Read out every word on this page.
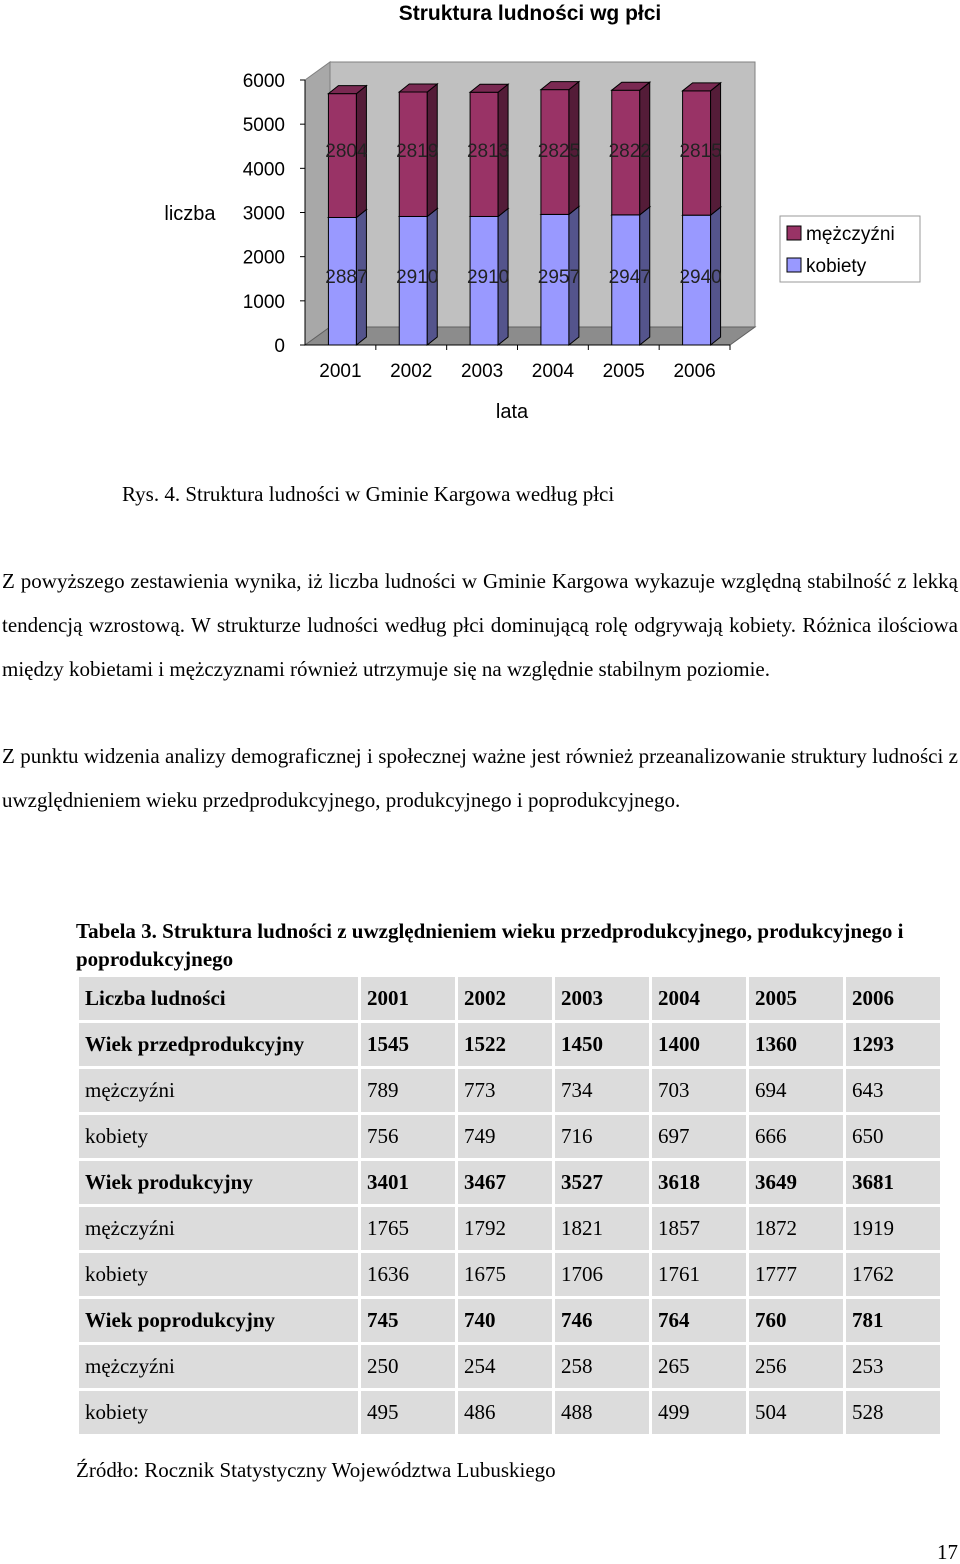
Struktura ludności wg płci
0
1000
2000
3000
4000
5000
6000
2887
2804
2910
2819
2910
2813
2957
2825
2947
2822
2940
2815
2001 2002 2003 2004 2005 2006
liczba
lata
mężczyźni
kobiety

Rys. 4. Struktura ludności w Gminie Kargowa według płci

Z powyższego zestawienia wynika, iż liczba ludności w Gminie Kargowa wykazuje względną stabilność z lekką tendencją wzrostową. W strukturze ludności według płci dominującą rolę odgrywają kobiety. Różnica ilościowa między kobietami i mężczyznami również utrzymuje się na względnie stabilnym poziomie.

Z punktu widzenia analizy demograficznej i społecznej ważne jest również przeanalizowanie struktury ludności z uwzględnieniem wieku przedprodukcyjnego, produkcyjnego i poprodukcyjnego.

Tabela 3. Struktura ludności z uwzględnieniem wieku przedprodukcyjnego, produkcyjnego i poprodukcyjnego

Liczba ludności	2001	2002	2003	2004	2005	2006
Wiek przedprodukcyjny	1545	1522	1450	1400	1360	1293
mężczyźni	789	773	734	703	694	643
kobiety	756	749	716	697	666	650
Wiek produkcyjny	3401	3467	3527	3618	3649	3681
mężczyźni	1765	1792	1821	1857	1872	1919
kobiety	1636	1675	1706	1761	1777	1762
Wiek poprodukcyjny	745	740	746	764	760	781
mężczyźni	250	254	258	265	256	253
kobiety	495	486	488	499	504	528

Źródło: Rocznik Statystyczny Województwa Lubuskiego

17
